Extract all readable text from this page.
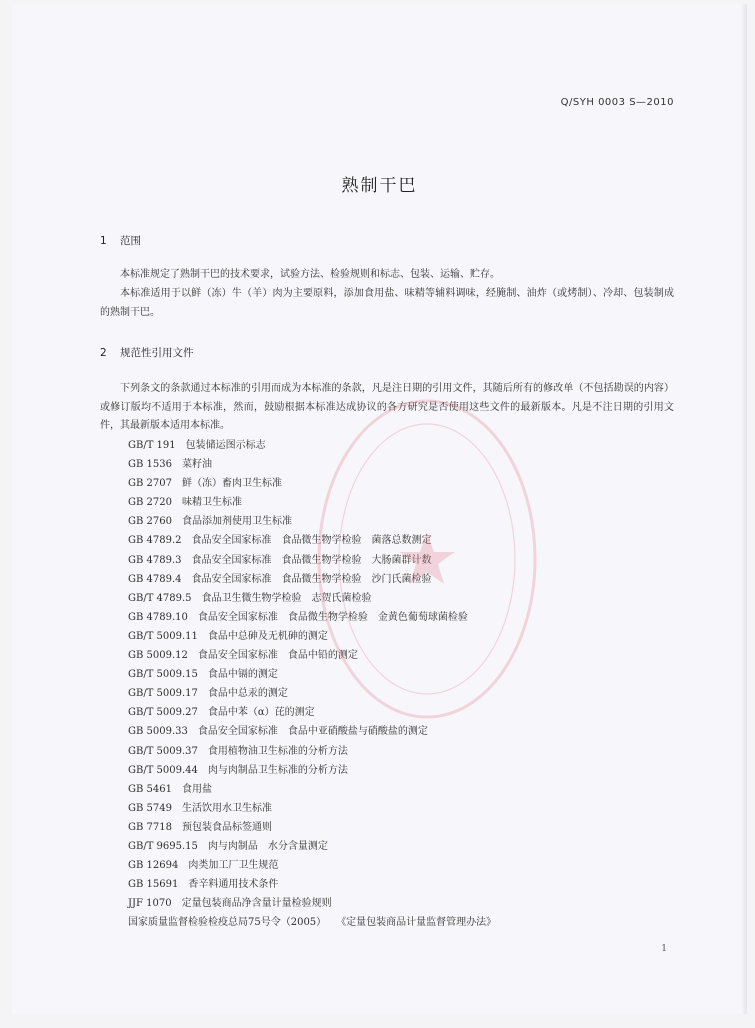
Q/SYH 0003 S—2010
熟制干巴
1 范围
本标准规定了熟制干巴的技术要求，试验方法、检验规则和标志、包装、运输、贮存。
本标准适用于以鲜（冻）牛（羊）肉为主要原料，添加食用盐、味精等辅料调味，经腌制、油炸（或烤制）、冷却、包装制成的熟制干巴。
2 规范性引用文件
下列条文的条款通过本标准的引用而成为本标准的条款，凡是注日期的引用文件，其随后所有的修改单（不包括勘误的内容）或修订版均不适用于本标准，然而，鼓励根据本标准达成协议的各方研究是否使用这些文件的最新版本。凡是不注日期的引用文件，其最新版本适用本标准。
GB/T 191 包装储运图示标志
GB 1536 菜籽油
GB 2707 鲜（冻）畜肉卫生标准
GB 2720 味精卫生标准
GB 2760 食品添加剂使用卫生标准
GB 4789.2 食品安全国家标准　食品微生物学检验　菌落总数测定
GB 4789.3 食品安全国家标准　食品微生物学检验　大肠菌群计数
GB 4789.4 食品安全国家标准　食品微生物学检验　沙门氏菌检验
GB/T 4789.5 食品卫生微生物学检验　志贺氏菌检验
GB 4789.10 食品安全国家标准　食品微生物学检验　金黄色葡萄球菌检验
GB/T 5009.11 食品中总砷及无机砷的测定
GB 5009.12 食品安全国家标准　食品中铅的测定
GB/T 5009.15 食品中镉的测定
GB/T 5009.17 食品中总汞的测定
GB/T 5009.27 食品中苯（α）芘的测定
GB 5009.33 食品安全国家标准　食品中亚硝酸盐与硝酸盐的测定
GB/T 5009.37 食用植物油卫生标准的分析方法
GB/T 5009.44 肉与肉制品卫生标准的分析方法
GB 5461 食用盐
GB 5749 生活饮用水卫生标准
GB 7718 预包装食品标签通则
GB/T 9695.15 肉与肉制品　水分含量测定
GB 12694 肉类加工厂卫生规范
GB 15691 香辛料通用技术条件
JJF 1070 定量包装商品净含量计量检验规则
国家质量监督检验检疫总局75号令（2005） 《定量包装商品计量监督管理办法》
1
